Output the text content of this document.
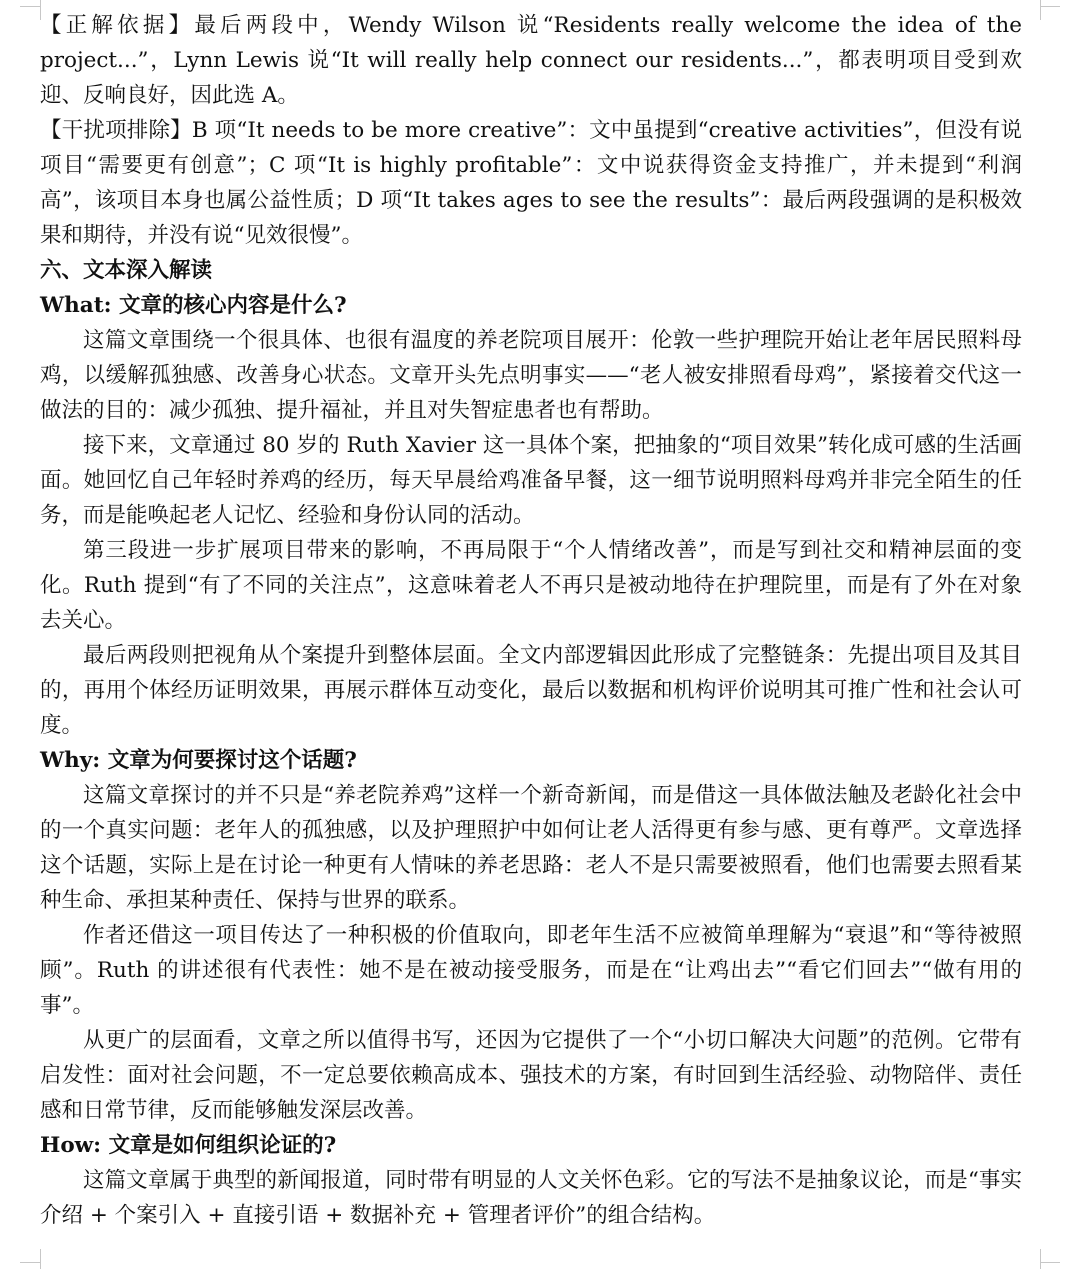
【正解依据】最后两段中，Wendy Wilson 说“Residents really welcome the idea of the project...”，Lynn Lewis 说“It will really help connect our residents...”，都表明项目受到欢迎、反响良好，因此选 A。

【干扰项排除】B 项“It needs to be more creative”：文中虽提到“creative activities”，但没有说项目“需要更有创意”；C 项“It is highly profitable”：文中说获得资金支持推广，并未提到“利润高”，该项目本身也属公益性质；D 项“It takes ages to see the results”：最后两段强调的是积极效果和期待，并没有说“见效很慢”。

六、文本深入解读

What: 文章的核心内容是什么?

这篇文章围绕一个很具体、也很有温度的养老院项目展开：伦敦一些护理院开始让老年居民照料母鸡，以缓解孤独感、改善身心状态。文章开头先点明事实——“老人被安排照看母鸡”，紧接着交代这一做法的目的：减少孤独、提升福祉，并且对失智症患者也有帮助。

接下来，文章通过 80 岁的 Ruth Xavier 这一具体个案，把抽象的“项目效果”转化成可感的生活画面。她回忆自己年轻时养鸡的经历，每天早晨给鸡准备早餐，这一细节说明照料母鸡并非完全陌生的任务，而是能唤起老人记忆、经验和身份认同的活动。

第三段进一步扩展项目带来的影响，不再局限于“个人情绪改善”，而是写到社交和精神层面的变化。Ruth 提到“有了不同的关注点”，这意味着老人不再只是被动地待在护理院里，而是有了外在对象去关心。

最后两段则把视角从个案提升到整体层面。全文内部逻辑因此形成了完整链条：先提出项目及其目的，再用个体经历证明效果，再展示群体互动变化，最后以数据和机构评价说明其可推广性和社会认可度。

Why: 文章为何要探讨这个话题?

这篇文章探讨的并不只是“养老院养鸡”这样一个新奇新闻，而是借这一具体做法触及老龄化社会中的一个真实问题：老年人的孤独感，以及护理照护中如何让老人活得更有参与感、更有尊严。文章选择这个话题，实际上是在讨论一种更有人情味的养老思路：老人不是只需要被照看，他们也需要去照看某种生命、承担某种责任、保持与世界的联系。

作者还借这一项目传达了一种积极的价值取向，即老年生活不应被简单理解为“衰退”和“等待被照顾”。Ruth 的讲述很有代表性：她不是在被动接受服务，而是在“让鸡出去”“看它们回去”“做有用的事”。

从更广的层面看，文章之所以值得书写，还因为它提供了一个“小切口解决大问题”的范例。它带有启发性：面对社会问题，不一定总要依赖高成本、强技术的方案，有时回到生活经验、动物陪伴、责任感和日常节律，反而能够触发深层改善。

How: 文章是如何组织论证的?

这篇文章属于典型的新闻报道，同时带有明显的人文关怀色彩。它的写法不是抽象议论，而是“事实介绍 + 个案引入 + 直接引语 + 数据补充 + 管理者评价”的组合结构。
